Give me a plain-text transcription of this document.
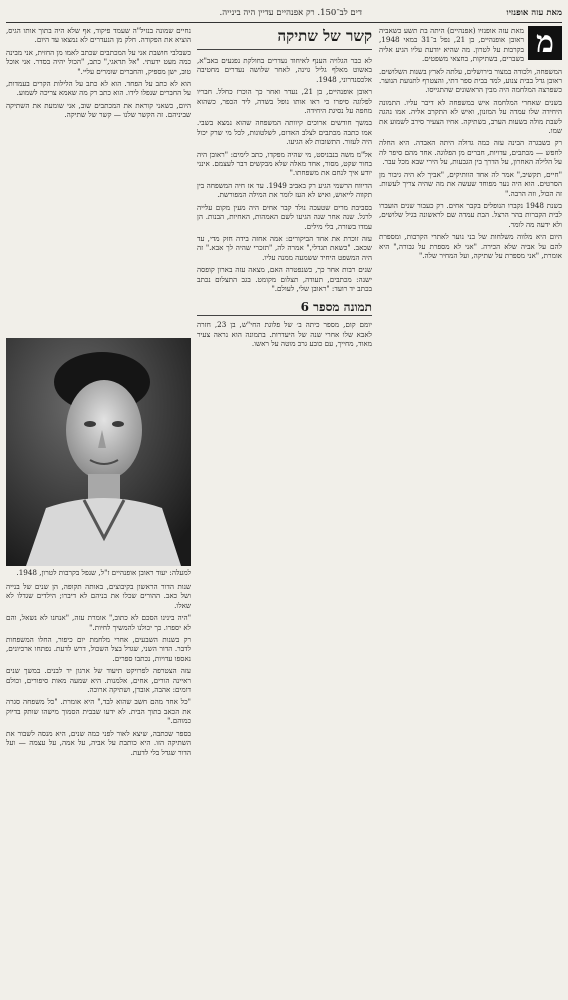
מאת עזה אופנזיו
דים לב־150. רק אפנהיים עדיין היה בינייה.
מ

מאת עזה אופנזיו (אפנהיים) היתה בת תשע כשאביה ראובן אופנהיים, בן 21, נפל ב־31 במאי 1948, בקרבות על לטרון. מה שהיא יודעת עליו הגיע אליה בשברים, בשתיקות, בחצאי משפטים.

המשפחה, ולכודה במצור בירושלים, עלתה לארץ בשנות השלושים. ראובן גדל בבית צנוע, למד בבית ספר דתי, והצטרף לתנועת הנוער. כשפרצה המלחמה היה מבין הראשונים שהתגייסו.

בשנים שאחרי המלחמה איש במשפחה לא דיבר עליו. התמונה היחידה שלו עמדה על המזנון, ואיש לא התקרב אליה. אמו נהגה לשבת מולה בשעות הערב, בשתיקה. אחיו הצעיר סירב לשמוע את שמו.

רק כשבגרה הבינה עזה כמה גדולה היתה האבדה. היא החלה לחפש — מכתבים, עדויות, חברים מן הפלוגה. אחד מהם סיפר לה על הלילה האחרון, על הדרך בין הגבעות, על הירי שבא מכל עבר.

"חיים, תקשיב," אמר לה אחד הוותיקים, "אביך לא היה גיבור מן הסרטים. הוא היה נער מפוחד שעשה את מה שהיה צריך לעשות. זה הכול, וזה הרבה."

בשנת 1948 נקברו הנופלים בקבר אחים. רק כעבור שנים הועברו לבית הקברות בהר הרצל. הבת עמדה שם לראשונה בגיל שלושים, ולא ידעה מה לומר.

היום היא מלווה משלחות של בני נוער לאתרי הקרבות, ומספרת להם על אביה שלא הכירה. "אני לא מספרת על גבורה," היא אומרת, "אני מספרת על שתיקה, ועל המחיר שלה."

קשר של שתיקה

לא כבר הגלויה הענף לאיחוד נעדרים בחולקת נפגעים באב"א, באשוט מאלף גליל גוינה, לאחר שלושה נעדרים מחטיבה אלכסנדרוני, 1948.

ראובן אופנהיים, בן 21, נעדר ואחר כך הוכרז כחלל. חבריו לפלוגה סיפרו כי ראו אותו נופל בשדה, ליד הכפר, כשהוא מחפה על נסיגת היחידה.

במשך חודשים ארוכים קיוותה המשפחה שהוא נמצא בשבי. אמו כתבה מכתבים לצלב האדום, לשלטונות, לכל מי שרק יכול היה לעזור. התשובות לא הגיעו.

אל"מ משה בנבניסט, מי שהיה מפקדו, כתב לימים: "ראובן היה בחור שקט, מסור, אחד מאלה שלא מבקשים דבר לעצמם. אינני יודע איך לנחם את משפחתו."

הדיווח הרשמי הגיע רק באביב 1949. עד אז חיה המשפחה בין תקווה לייאוש, ואיש לא העז לומר את המילה המפורשת.

בסביבת מרים שטעכה נולד קבר אחים היה מעין מקום עלייה לרגל. שנה אחר שנה הגיעו לשם האמהות, האחיות, הבנות. הן עמדו בשורה, בלי מילים.

עזה זוכרת את אחד הביקורים: אמה אחזה בידה חזק מדי, עד שכאב. "כשאת תגדלי," אמרה לה, "תזכרי שהיה לך אבא." זה היה המשפט היחיד ששמעה ממנה עליו.

שנים רבות אחר כך, כשנפטרה האם, מצאה עזה בארון קופסה ישנה: מכתבים, תעודה, תצלום מקומט. בגב התצלום נכתב בכתב יד רועד: "ראובן שלי, לעולם."

תמונה מספר 6

יומם קום, מספר כיתה ב׳ של פלוגת החי"ש, בן 23, חזרה לאבא שלו אחרי שנה של היעדרות. בתמונה הוא נראה צעיר מאוד, מחייך, עם כובע גרב מוטה על ראשו.

נחיים שמונה בנזיל"ה שעמד פיקוד, אף שלא היה בתוך אותו הגיס, הוציא את הפקודה. חלק מן הנעדרים לא נמצאו עד היום.

כשבלבי חושבת אני על המכתבים שכתב לאמו מן החזית, אני מבינה כמה מעט ידעתי. "אל תדאגי," כתב, "הכול יהיה בסדר. אני אוכל טוב, ישן מספיק, והחברים שומרים עליי."

הוא לא כתב על הפחד. הוא לא כתב על הלילות הקרים בעמדות, על החברים שנפלו לידו. הוא כתב רק מה שאמא צריכה לשמוע.

היום, כשאני קוראת את המכתבים שוב, אני שומעת את השתיקה שביניהם. זה הקשר שלנו — קשר של שתיקה.

למעלה: יעוד ראובן אופנהיים ז"ל, שנפל בקרבות לטרון, 1948.

שנות הדור הראשון בקיבוצים, באותה תקופה, הן שנים של בנייה ושל כאב. ההורים שכלו את בניהם לא דיברו; הילדים שגדלו לא שאלו.

"היה בינינו הסכם לא כתוב," אומרת עזה, "אנחנו לא נשאל, והם לא יספרו. כך יכולנו להמשיך לחיות."

רק בשנות השבעים, אחרי מלחמת יום כיפור, החלו המשפחות לדבר. הדור השני, שגדל בצל השכול, דרש לדעת. נפתחו ארכיונים, נאספו עדויות, נכתבו ספרים.

עזה הצטרפה לפרויקט תיעוד של ארגון יד לבנים. במשך שנים ראיינה הורים, אחים, אלמנות. היא שמעה מאות סיפורים, וכולם דומים: אהבה, אובדן, ושתיקה ארוכה.

"כל אחד מהם חשב שהוא לבד," היא אומרת. "כל משפחה סגרה את הכאב בתוך הבית. לא ידעו שבבית הסמוך מישהו שותק בדיוק כמוהם."

בספר שכתבה, שיצא לאור לפני כמה שנים, היא מנסה לשבור את השתיקה הזו. היא כותבת על אביה, על אמה, על עצמה — ועל הדור שגדל בלי לדעת.
